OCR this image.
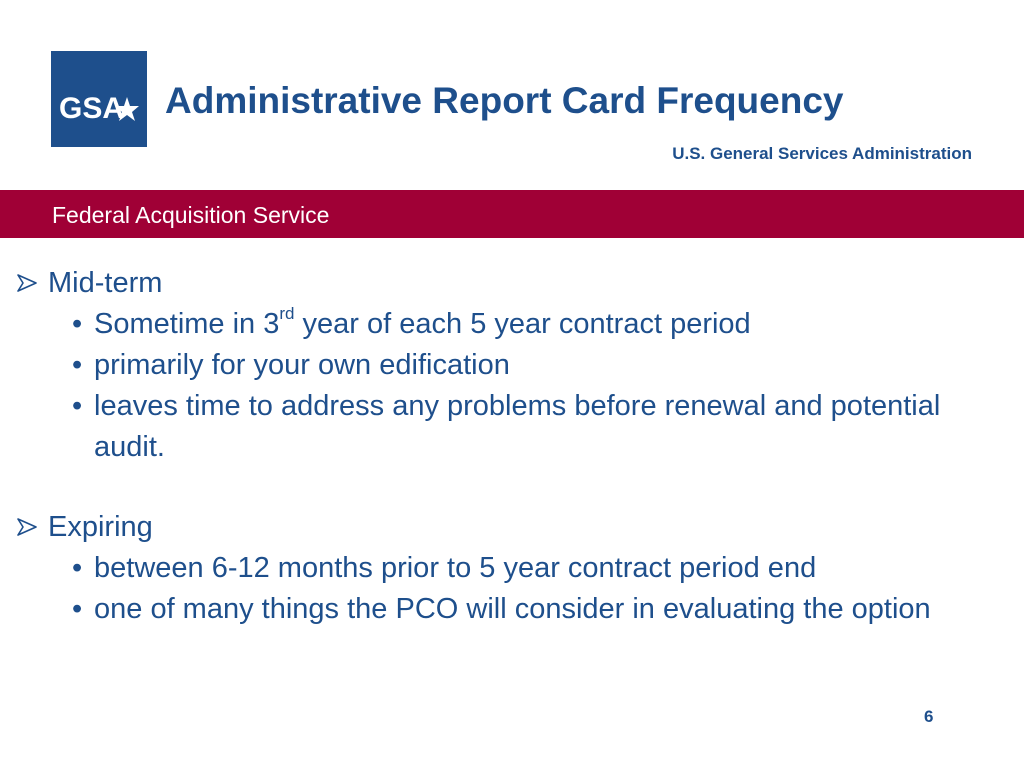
GSA Administrative Report Card Frequency
U.S. General Services Administration
Federal Acquisition Service
Mid-term
• Sometime in 3rd year of each 5 year contract period
• primarily for your own edification
• leaves time to address any problems before renewal and potential audit.
Expiring
• between 6-12 months prior to 5 year contract period end
• one of many things the PCO will consider in evaluating the option
6
